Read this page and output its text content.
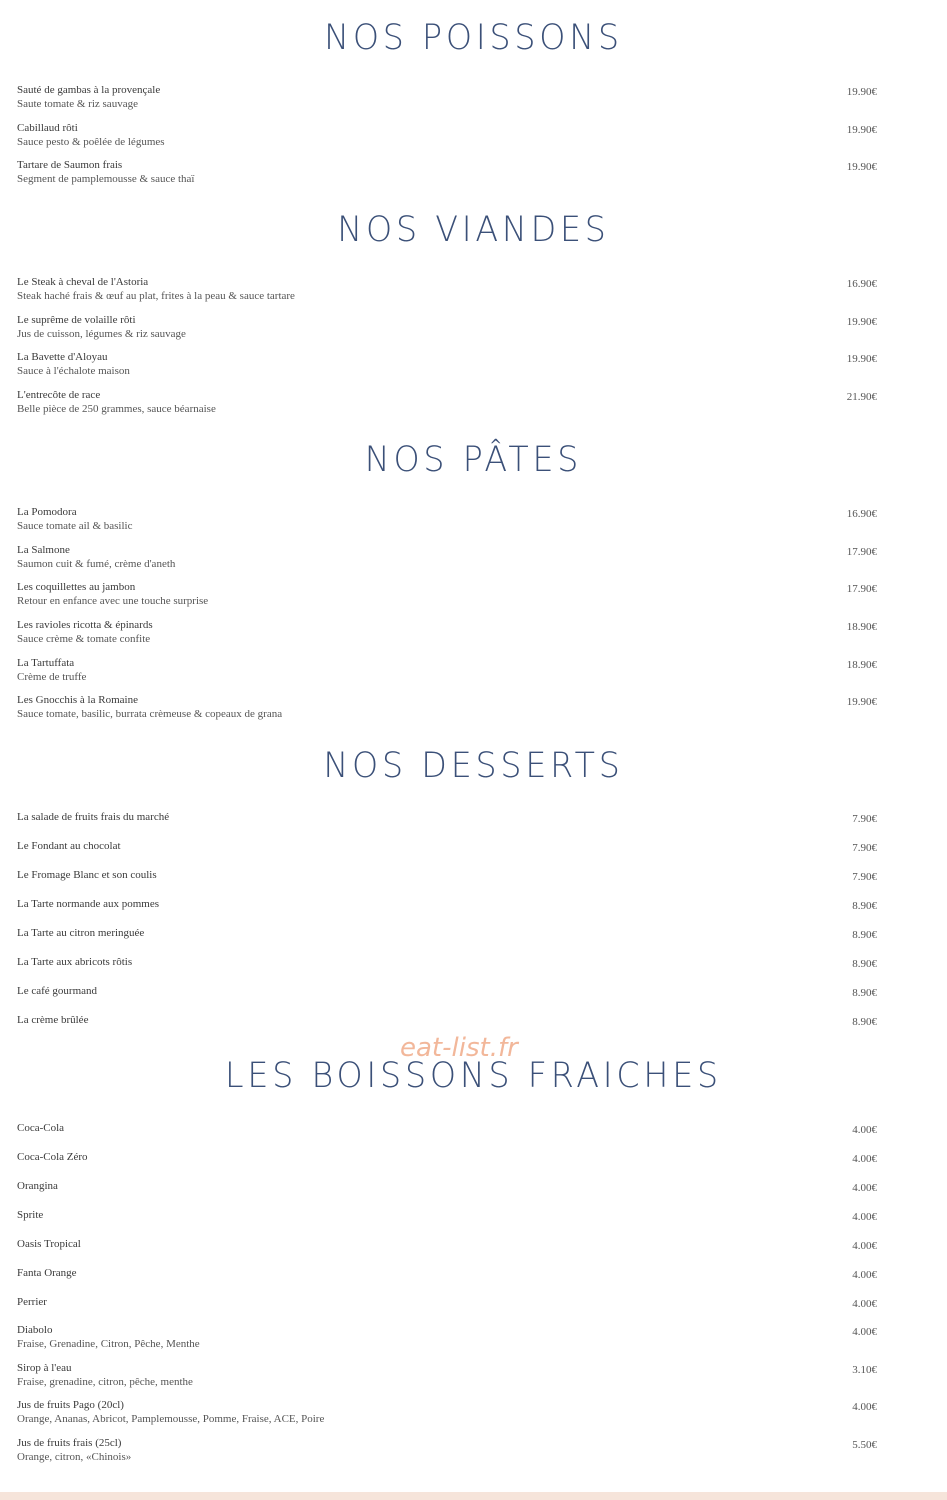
NOS POISSONS
Sauté de gambas à la provençale
Saute tomate & riz sauvage
19.90€
Cabillaud rôti
Sauce pesto & poêlée de légumes
19.90€
Tartare de Saumon frais
Segment de pamplemousse & sauce thaï
19.90€
NOS VIANDES
Le Steak à cheval de l'Astoria
Steak haché frais & œuf au plat, frites à la peau & sauce tartare
16.90€
Le suprême de volaille rôti
Jus de cuisson, légumes & riz sauvage
19.90€
La Bavette d'Aloyau
Sauce à l'échalote maison
19.90€
L'entrecôte de race
Belle pièce de 250 grammes, sauce béarnaise
21.90€
NOS PÂTES
La Pomodora
Sauce tomate ail & basilic
16.90€
La Salmone
Saumon cuit & fumé, crème d'aneth
17.90€
Les coquillettes au jambon
Retour en enfance avec une touche surprise
17.90€
Les ravioles ricotta & épinards
Sauce crème & tomate confite
18.90€
La Tartuffata
Crème de truffe
18.90€
Les Gnocchis à la Romaine
Sauce tomate, basilic, burrata crèmeuse & copeaux de grana
19.90€
NOS DESSERTS
La salade de fruits frais du marché	7.90€
Le Fondant au chocolat	7.90€
Le Fromage Blanc et son coulis	7.90€
La Tarte normande aux pommes	8.90€
La Tarte au citron meringuée	8.90€
La Tarte aux abricots rôtis	8.90€
Le café gourmand	8.90€
La crème brûlée	8.90€
eat-list.fr
LES BOISSONS FRAICHES
Coca-Cola	4.00€
Coca-Cola Zéro	4.00€
Orangina	4.00€
Sprite	4.00€
Oasis Tropical	4.00€
Fanta Orange	4.00€
Perrier	4.00€
Diabolo
Fraise, Grenadine, Citron, Pêche, Menthe
4.00€
Sirop à l'eau
Fraise, grenadine, citron, pêche, menthe
3.10€
Jus de fruits Pago (20cl)
Orange, Ananas, Abricot, Pamplemousse, Pomme, Fraise, ACE, Poire
4.00€
Jus de fruits frais (25cl)
Orange, citron, «Chinois»
5.50€
